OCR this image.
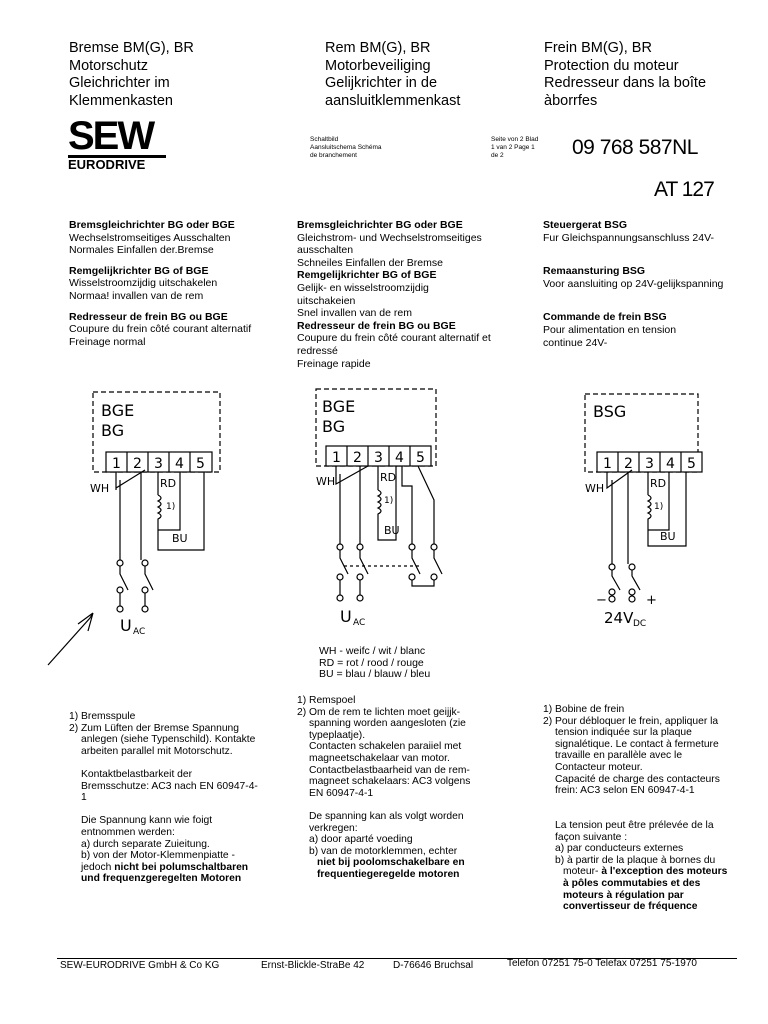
Bremse BM(G), BR
Motorschutz
Gleichrichter im
Klemmenkasten
Rem BM(G), BR
Motorbeveiliging
Gelijkrichter in de
aansluitklemmenkast
Frein BM(G), BR
Protection du moteur
Redresseur dans la boîte
àborrfes
SEW
EURODRIVE
Schaltbild
Aansluitschema Schéma
de branchement
Seite von 2 Blad
1 van 2 Page 1
de 2	09 768 587NL
AT 127
Bremsgleichrichter BG oder BGE
Wechselstromseitiges Ausschalten
Normales Einfallen der.Bremse
Remgelijkrichter BG of BGE
Wisselstroomzijdig uitschakelen
Normaa! invallen van de rem
Redresseur de frein BG ou BGE
Coupure du frein côté courant alternatif
Freinage normal
Bremsgleichrichter BG oder BGE
Gleichstrom- und Wechselstromseitiges
ausschalten
Schneiles Einfallen der Bremse
Remgelijkrichter BG of BGE
Gelijk- en wisselstroomzijdig
uitschakeien
Snel invallen van de rem
Redresseur de frein BG ou BGE
Coupure du frein côté courant alternatif et
redressé
Freinage rapide
Steuergerat BSG
Fur Gleichspannungsanschluss 24V-
Remaansturing BSG
Voor aansluiting op 24V-gelijkspanning
Commande de frein BSG
Pour alimentation en tension
continue 24V-
BGE
BG
1 2 3 4 5
WH	RD
1)
BU
U AC
BGE
BG
1 2 3 4 5
WH	RD
1)
BU
U AC
BSG
1 2 3 4 5
WH	RD
1)
BU
−	+
24V DC
WH - weifc / wit / blanc
RD = rot / rood / rouge
BU = blau / blauw / bleu
1) Bremsspule
2) Zum Lüften der Bremse Spannung
anlegen (siehe Typenschild). Kontakte
arbeiten parallel mit Motorschutz.
Kontaktbelastbarkeit der
Bremsschutze: AC3 nach EN 60947-4-
1
Die Spannung kann wie foigt
entnommen werden:
a) durch separate Zuieitung.
b) von der Motor-Klemmenpiatte -
jedoch nicht bei polumschaltbaren
und frequenzgeregelten Motoren
1) Remspoel
2) Om de rem te lichten moet geijjk-
spanning worden aangesloten (zie
typeplaatje).
Contacten schakelen paraiiel met
magneetschakelaar van motor.
Contactbelastbaarheid van de rem-
magneet schakelaars: AC3 volgens
EN 60947-4-1
De spanning kan als volgt worden
verkregen:
a) door aparté voeding
b) van de motorklemmen, echter
niet bij poolomschakelbare en
frequentiegeregelde motoren
1) Bobine de frein
2) Pour débloquer le frein, appliquer la
tension indiquée sur la plaque
signalétique. Le contact à fermeture
travaille en parallèle avec le
Contacteur moteur.
Capacité de charge des contacteurs
frein: AC3 selon EN 60947-4-1
La tension peut être prélevée de la
façon suivante :
a) par conducteurs externes
b) à partir de la plaque à bornes du
moteur- à l'exception des moteurs
à pôles commutabies et des
moteurs à régulation par
convertisseur de fréquence
SEW-EURODRIVE GmbH & Co KG	Ernst-Blickle-StraBe 42	D-76646 Bruchsal	Telefon 07251 75-0 Telefax 07251 75-1970
